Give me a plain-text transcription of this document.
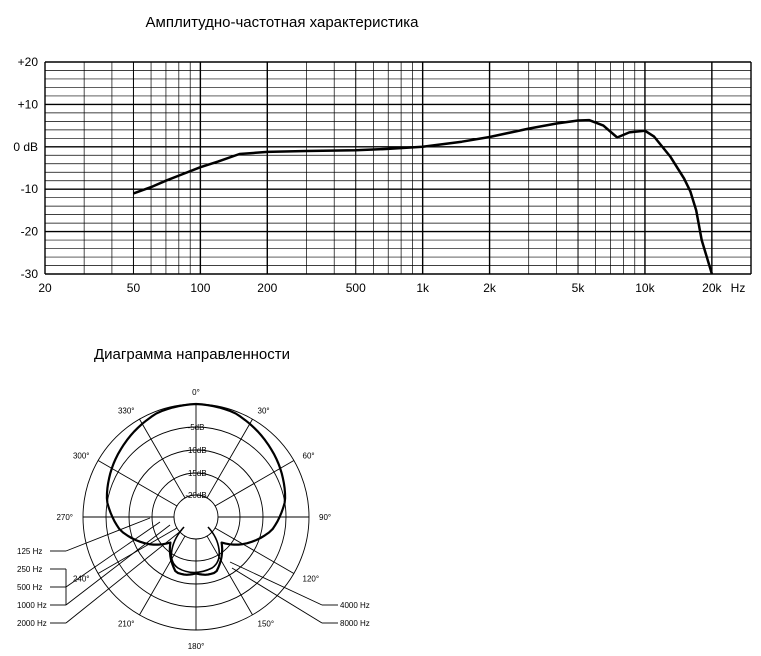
Амплитудно-частотная характеристика
+20
+10
0 dB
-10
-20
-30
20	50	100	200	500	1k	2k	5k	10k	20k Hz
Диаграмма направленности
0°
30°
60°
90°
120°
150°
180°
210°
240°
270°
300°
330°
-5dB
-10dB
-15dB
-20dB
125 Hz
250 Hz
500 Hz
1000 Hz
2000 Hz
4000 Hz
8000 Hz
